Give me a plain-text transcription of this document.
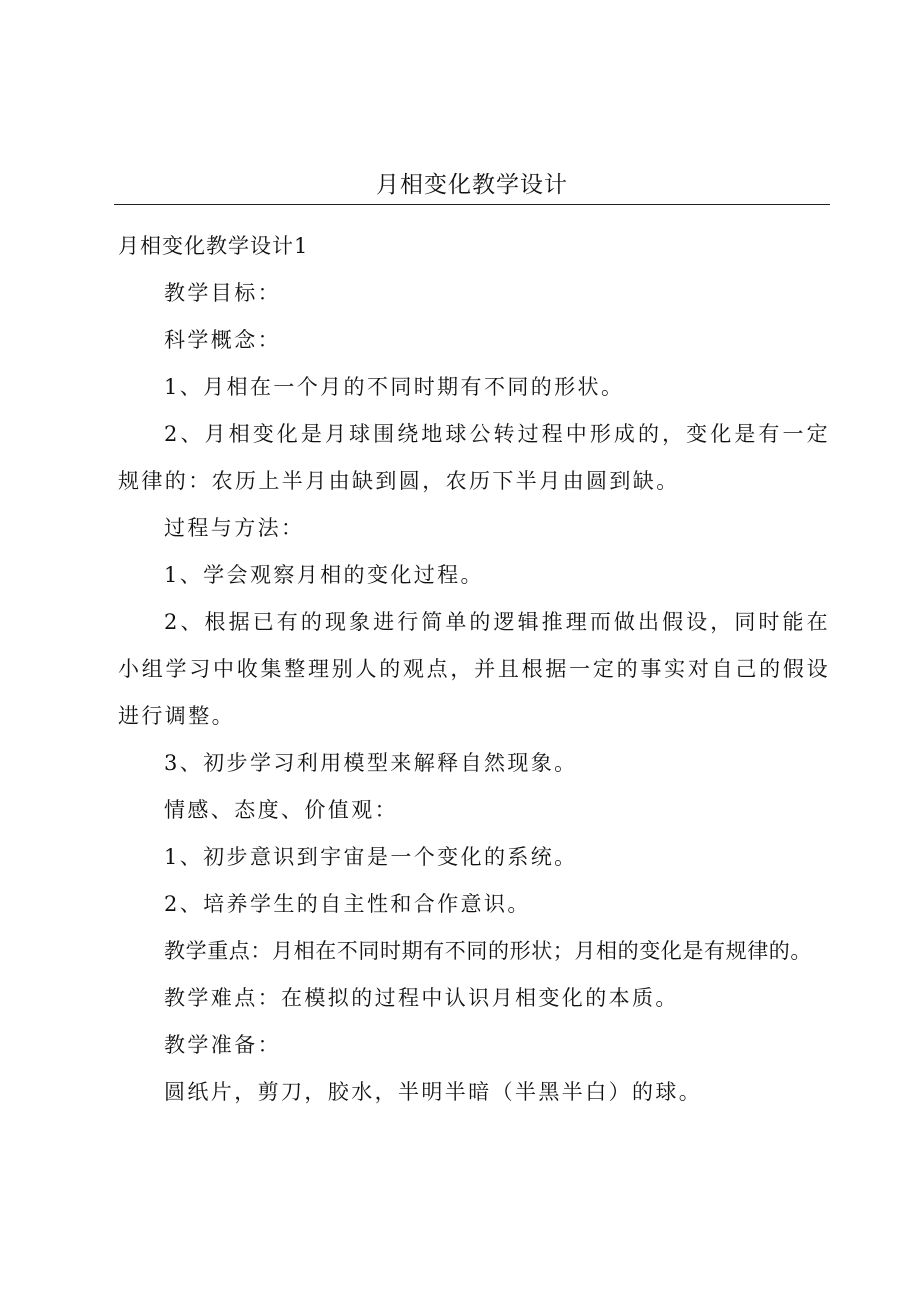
月相变化教学设计
月相变化教学设计1
教学目标：
科学概念：
1、月相在一个月的不同时期有不同的形状。
2、月相变化是月球围绕地球公转过程中形成的，变化是有一定规律的：农历上半月由缺到圆，农历下半月由圆到缺。
过程与方法：
1、学会观察月相的变化过程。
2、根据已有的现象进行简单的逻辑推理而做出假设，同时能在小组学习中收集整理别人的观点，并且根据一定的事实对自己的假设进行调整。
3、初步学习利用模型来解释自然现象。
情感、态度、价值观：
1、初步意识到宇宙是一个变化的系统。
2、培养学生的自主性和合作意识。
教学重点：月相在不同时期有不同的形状；月相的变化是有规律的。
教学难点：在模拟的过程中认识月相变化的本质。
教学准备：
圆纸片，剪刀，胶水，半明半暗（半黑半白）的球。
